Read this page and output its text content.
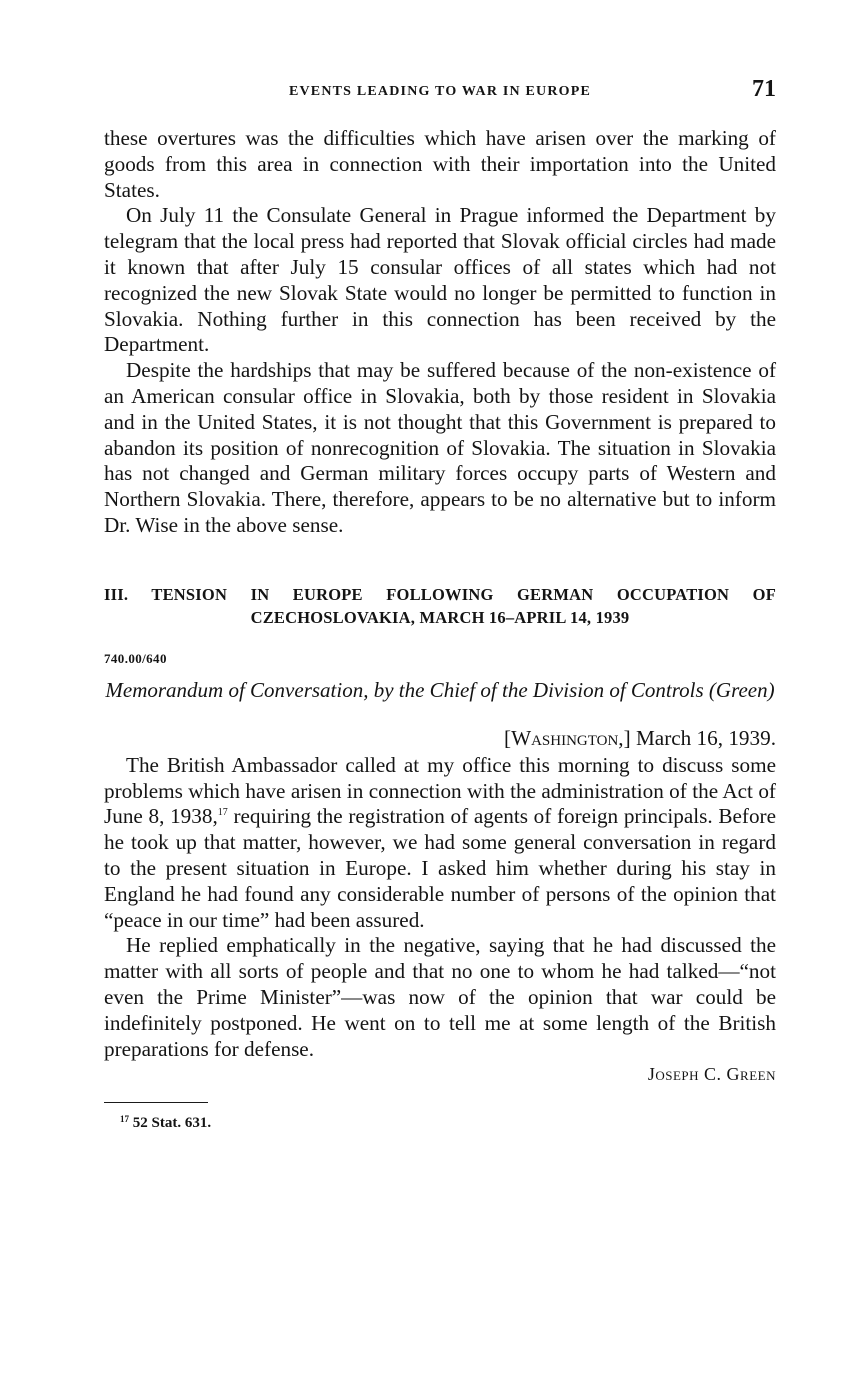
EVENTS LEADING TO WAR IN EUROPE	71

these overtures was the difficulties which have arisen over the marking of goods from this area in connection with their importation into the United States.

On July 11 the Consulate General in Prague informed the Department by telegram that the local press had reported that Slovak official circles had made it known that after July 15 consular offices of all states which had not recognized the new Slovak State would no longer be permitted to function in Slovakia. Nothing further in this connection has been received by the Department.

Despite the hardships that may be suffered because of the non-existence of an American consular office in Slovakia, both by those resident in Slovakia and in the United States, it is not thought that this Government is prepared to abandon its position of nonrecognition of Slovakia. The situation in Slovakia has not changed and German military forces occupy parts of Western and Northern Slovakia. There, therefore, appears to be no alternative but to inform Dr. Wise in the above sense.

III. TENSION IN EUROPE FOLLOWING GERMAN OCCUPATION OF CZECHOSLOVAKIA, MARCH 16–APRIL 14, 1939
740.00/640
Memorandum of Conversation, by the Chief of the Division of Controls (Green)
[Washington,] March 16, 1939.

The British Ambassador called at my office this morning to discuss some problems which have arisen in connection with the administration of the Act of June 8, 1938,17 requiring the registration of agents of foreign principals. Before he took up that matter, however, we had some general conversation in regard to the present situation in Europe. I asked him whether during his stay in England he had found any considerable number of persons of the opinion that “peace in our time” had been assured.

He replied emphatically in the negative, saying that he had discussed the matter with all sorts of people and that no one to whom he had talked—“not even the Prime Minister”—was now of the opinion that war could be indefinitely postponed. He went on to tell me at some length of the British preparations for defense.

Joseph C. Green
$^{17}$ 52 Stat. 631.
